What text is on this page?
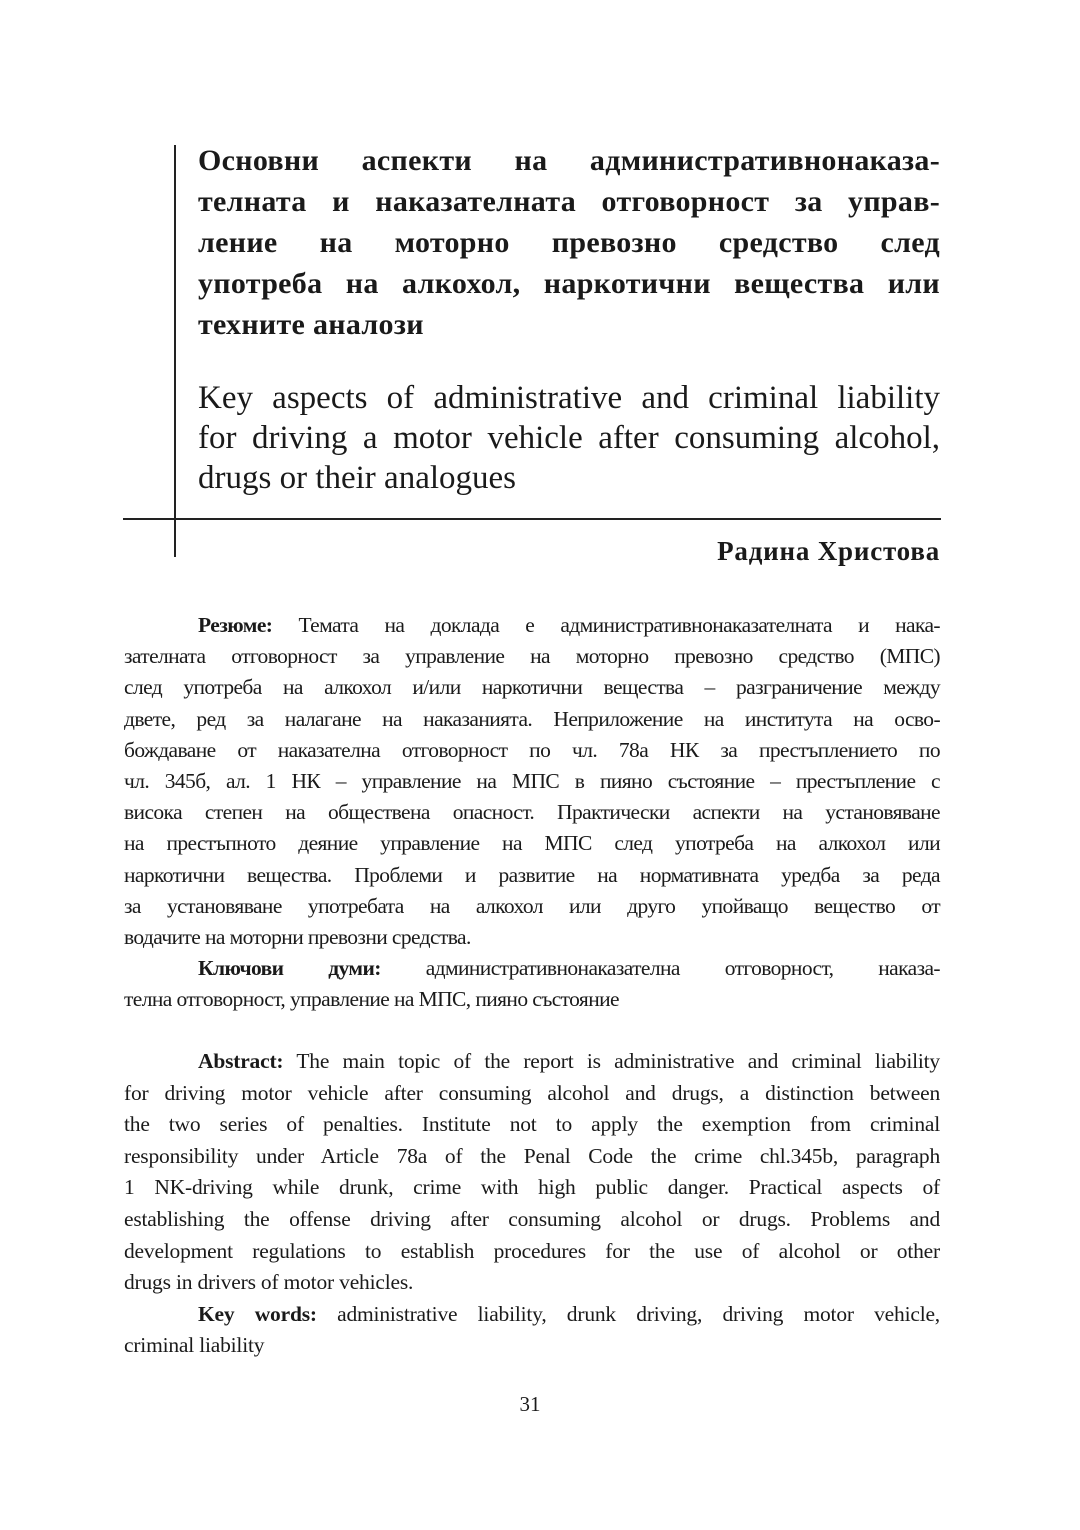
Основни аспекти на административнонаказа-
телната и наказателната отговорност за управ-
ление на моторно превозно средство след
употреба на алкохол, наркотични вещества или
техните аналози
Key aspects of administrative and criminal liability
for driving a motor vehicle after consuming alcohol,
drugs or their analogues
Радина Христова
Резюме: Темата на доклада е административнонаказателната и нака-
зателната отговорност за управление на моторно превозно средство (МПС)
след употреба на алкохол и/или наркотични вещества – разграничение между
двете, ред за налагане на наказанията. Неприложение на института на осво-
бождаване от наказателна отговорност по чл. 78а НК за престъплението по
чл. 345б, ал. 1 НК – управление на МПС в пияно състояние – престъпление с
висока степен на обществена опасност. Практически аспекти на установяване
на престъпното деяние управление на МПС след употреба на алкохол или
наркотични вещества. Проблеми и развитие на нормативната уредба за реда
за установяване употребата на алкохол или друго упойващо вещество от
водачите на моторни превозни средства.
Ключови думи: административнонаказателна отговорност, наказа-
телна отговорност, управление на МПС, пияно състояние
Abstract: The main topic of the report is administrative and criminal liability
for driving motor vehicle after consuming alcohol and drugs, a distinction between
the two series of penalties. Institute not to apply the exemption from criminal
responsibility under Article 78a of the Penal Code the crime chl.345b, paragraph
1 NK-driving while drunk, crime with high public danger. Practical aspects of
establishing the offense driving after consuming alcohol or drugs. Problems and
development regulations to establish procedures for the use of alcohol or other
drugs in drivers of motor vehicles.
Key words: administrative liability, drunk driving, driving motor vehicle,
criminal liability
31
